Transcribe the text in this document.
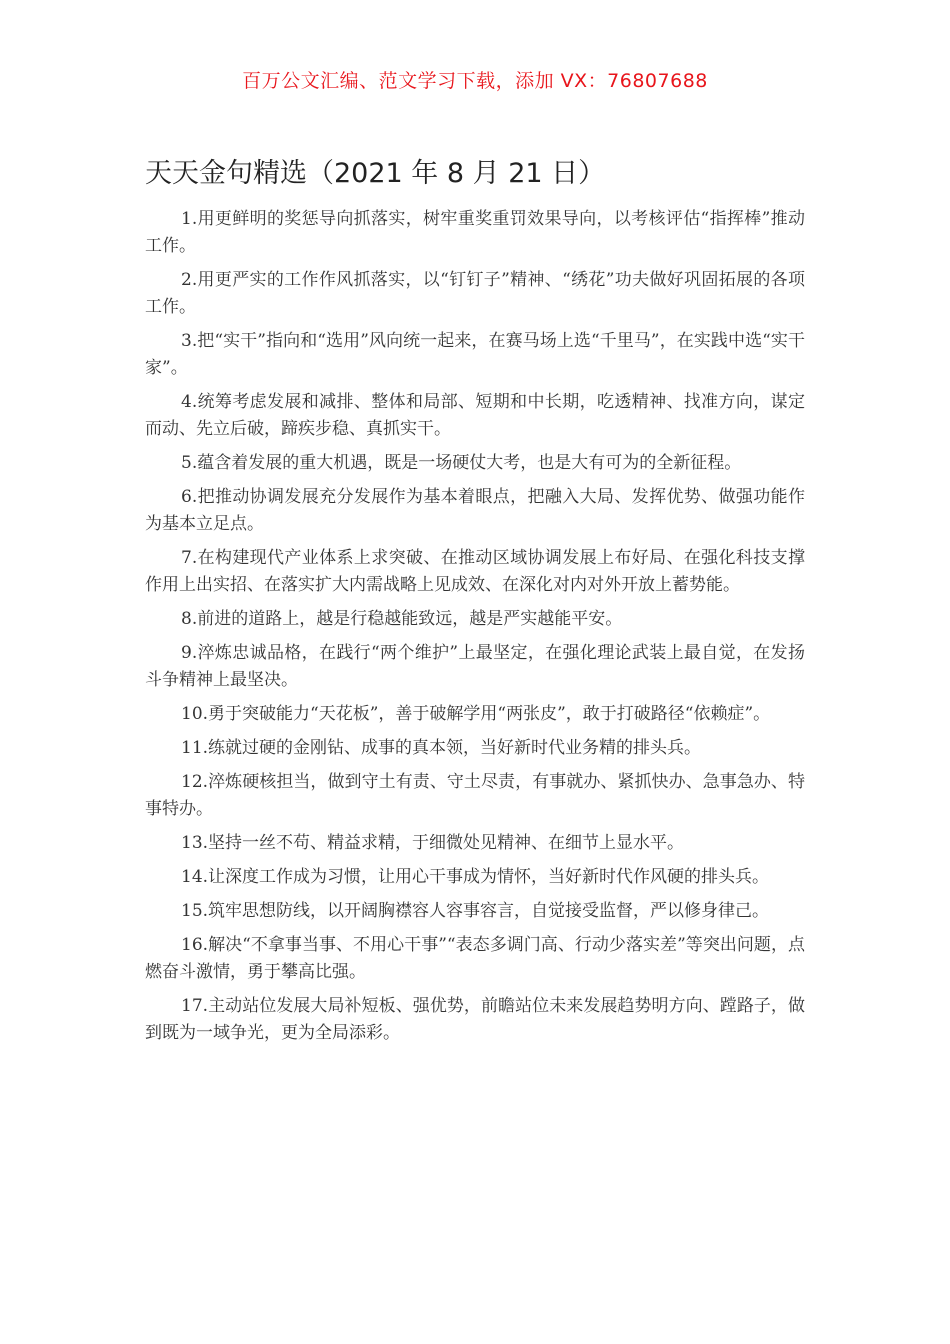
百万公文汇编、范文学习下载，添加 VX：76807688
天天金句精选（2021 年 8 月 21 日）

1.用更鲜明的奖惩导向抓落实，树牢重奖重罚效果导向，以考核评估“指挥棒”推动工作。

2.用更严实的工作作风抓落实，以“钉钉子”精神、“绣花”功夫做好巩固拓展的各项工作。

3.把“实干”指向和“选用”风向统一起来，在赛马场上选“千里马”，在实践中选“实干家”。

4.统筹考虑发展和减排、整体和局部、短期和中长期，吃透精神、找准方向，谋定而动、先立后破，蹄疾步稳、真抓实干。

5.蕴含着发展的重大机遇，既是一场硬仗大考，也是大有可为的全新征程。

6.把推动协调发展充分发展作为基本着眼点，把融入大局、发挥优势、做强功能作为基本立足点。

7.在构建现代产业体系上求突破、在推动区域协调发展上布好局、在强化科技支撑作用上出实招、在落实扩大内需战略上见成效、在深化对内对外开放上蓄势能。

8.前进的道路上，越是行稳越能致远，越是严实越能平安。

9.淬炼忠诚品格，在践行“两个维护”上最坚定，在强化理论武装上最自觉，在发扬斗争精神上最坚决。

10.勇于突破能力“天花板”，善于破解学用“两张皮”，敢于打破路径“依赖症”。

11.练就过硬的金刚钻、成事的真本领，当好新时代业务精的排头兵。

12.淬炼硬核担当，做到守土有责、守土尽责，有事就办、紧抓快办、急事急办、特事特办。

13.坚持一丝不苟、精益求精，于细微处见精神、在细节上显水平。

14.让深度工作成为习惯，让用心干事成为情怀，当好新时代作风硬的排头兵。

15.筑牢思想防线，以开阔胸襟容人容事容言，自觉接受监督，严以修身律己。

16.解决“不拿事当事、不用心干事”“表态多调门高、行动少落实差”等突出问题，点燃奋斗激情，勇于攀高比强。

17.主动站位发展大局补短板、强优势，前瞻站位未来发展趋势明方向、蹚路子，做到既为一域争光，更为全局添彩。
